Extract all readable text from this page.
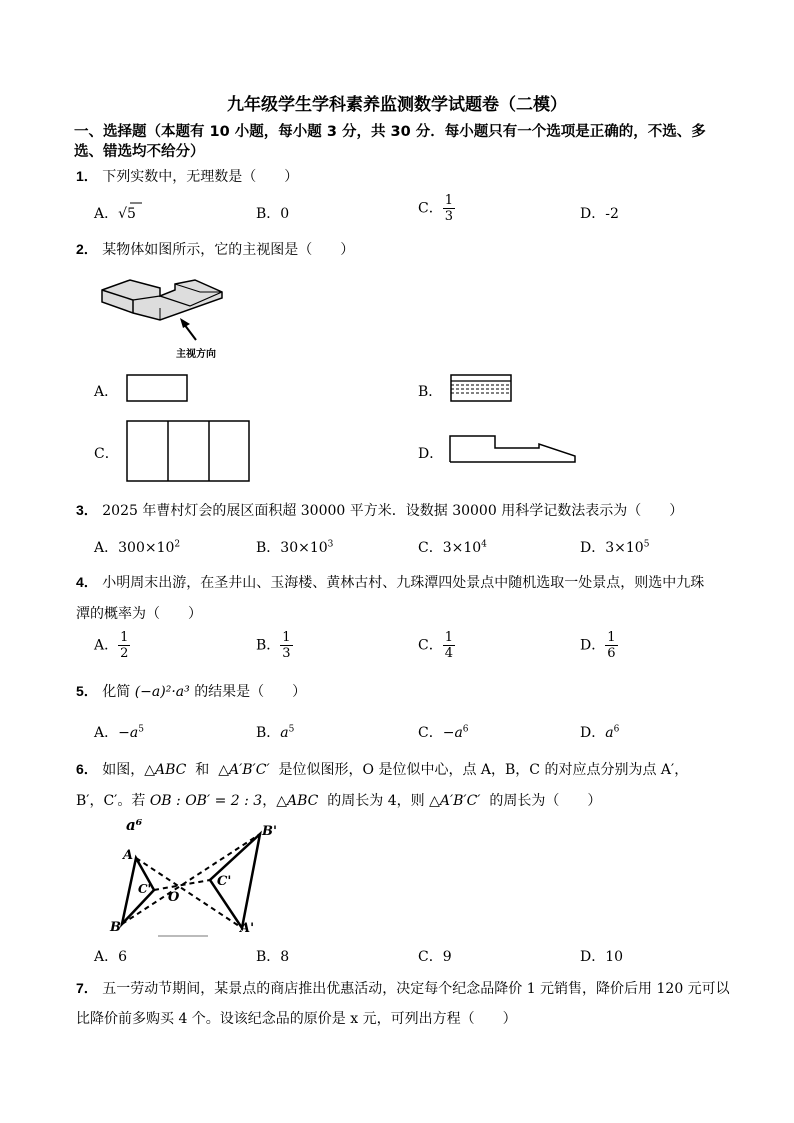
九年级学生学科素养监测数学试题卷（二模）
一、选择题（本题有 10 小题，每小题 3 分，共 30 分．每小题只有一个选项是正确的，不选、多
选、错选均不给分）
1． 下列实数中，无理数是（　　）
A．√5	B．0	C． $\frac{1}{3}$	D．-2
2． 某物体如图所示，它的主视图是（　　）
主视方向
A．	B．
C．	D．
3． 2025 年曹村灯会的展区面积超 30000 平方米．设数据 30000 用科学记数法表示为（　　）
A．$300\times 10^2$	B．$30\times 10^3$	C．$3\times 10^4$	D．$3\times 10^5$
4． 小明周末出游，在圣井山、玉海楼、黄林古村、九珠潭四处景点中随机选取一处景点，则选中九珠
潭的概率为（　　）
A． $\frac{1}{2}$	B． $\frac{1}{3}$	C． $\frac{1}{4}$	D． $\frac{1}{6}$
5． 化简 (−a)²·a³ 的结果是（　　）
A．$-a^5$	B．$a^5$	C．$-a^6$	D．$a^6$
6． 如图，△ABC 和 △A′B′C′ 是位似图形，O 是位似中心，点 A，B，C 的对应点分别为点 A′，
B′，C′。若 OB : OB′ = 2 : 3，△ABC 的周长为 4，则 △A′B′C′ 的周长为（　　）
a⁶
A
B
C'
O
C'
B'
A'
A．6	B．8	C．9	D．10
7． 五一劳动节期间，某景点的商店推出优惠活动，决定每个纪念品降价 1 元销售，降价后用 120 元可以
比降价前多购买 4 个。设该纪念品的原价是 x 元，可列出方程（　　）
